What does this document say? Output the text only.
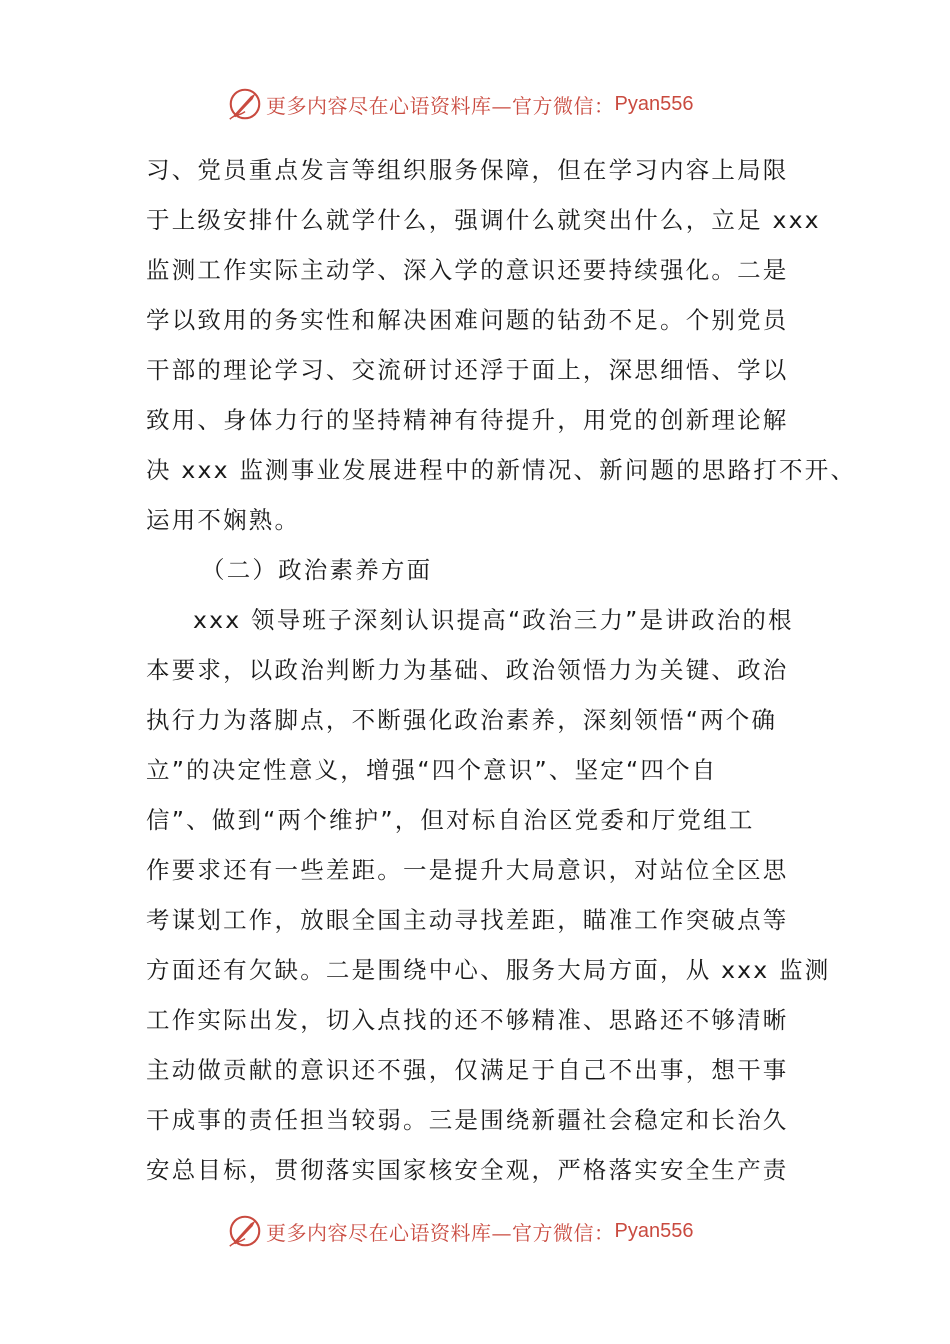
更多内容尽在心语资料库—官方微信： Pyan556
习、党员重点发言等组织服务保障，但在学习内容上局限
于上级安排什么就学什么，强调什么就突出什么，立足 xxx
监测工作实际主动学、深入学的意识还要持续强化。二是
学以致用的务实性和解决困难问题的钻劲不足。个别党员
干部的理论学习、交流研讨还浮于面上，深思细悟、学以
致用、身体力行的坚持精神有待提升，用党的创新理论解
决 xxx 监测事业发展进程中的新情况、新问题的思路打不开、
运用不娴熟。
（二）政治素养方面
xxx 领导班子深刻认识提高“政治三力”是讲政治的根
本要求，以政治判断力为基础、政治领悟力为关键、政治
执行力为落脚点，不断强化政治素养，深刻领悟“两个确
立”的决定性意义，增强“四个意识”、坚定“四个自
信”、做到“两个维护”，但对标自治区党委和厅党组工
作要求还有一些差距。一是提升大局意识，对站位全区思
考谋划工作，放眼全国主动寻找差距，瞄准工作突破点等
方面还有欠缺。二是围绕中心、服务大局方面，从 xxx 监测
工作实际出发，切入点找的还不够精准、思路还不够清晰
主动做贡献的意识还不强，仅满足于自己不出事，想干事
干成事的责任担当较弱。三是围绕新疆社会稳定和长治久
安总目标，贯彻落实国家核安全观，严格落实安全生产责
更多内容尽在心语资料库—官方微信： Pyan556
